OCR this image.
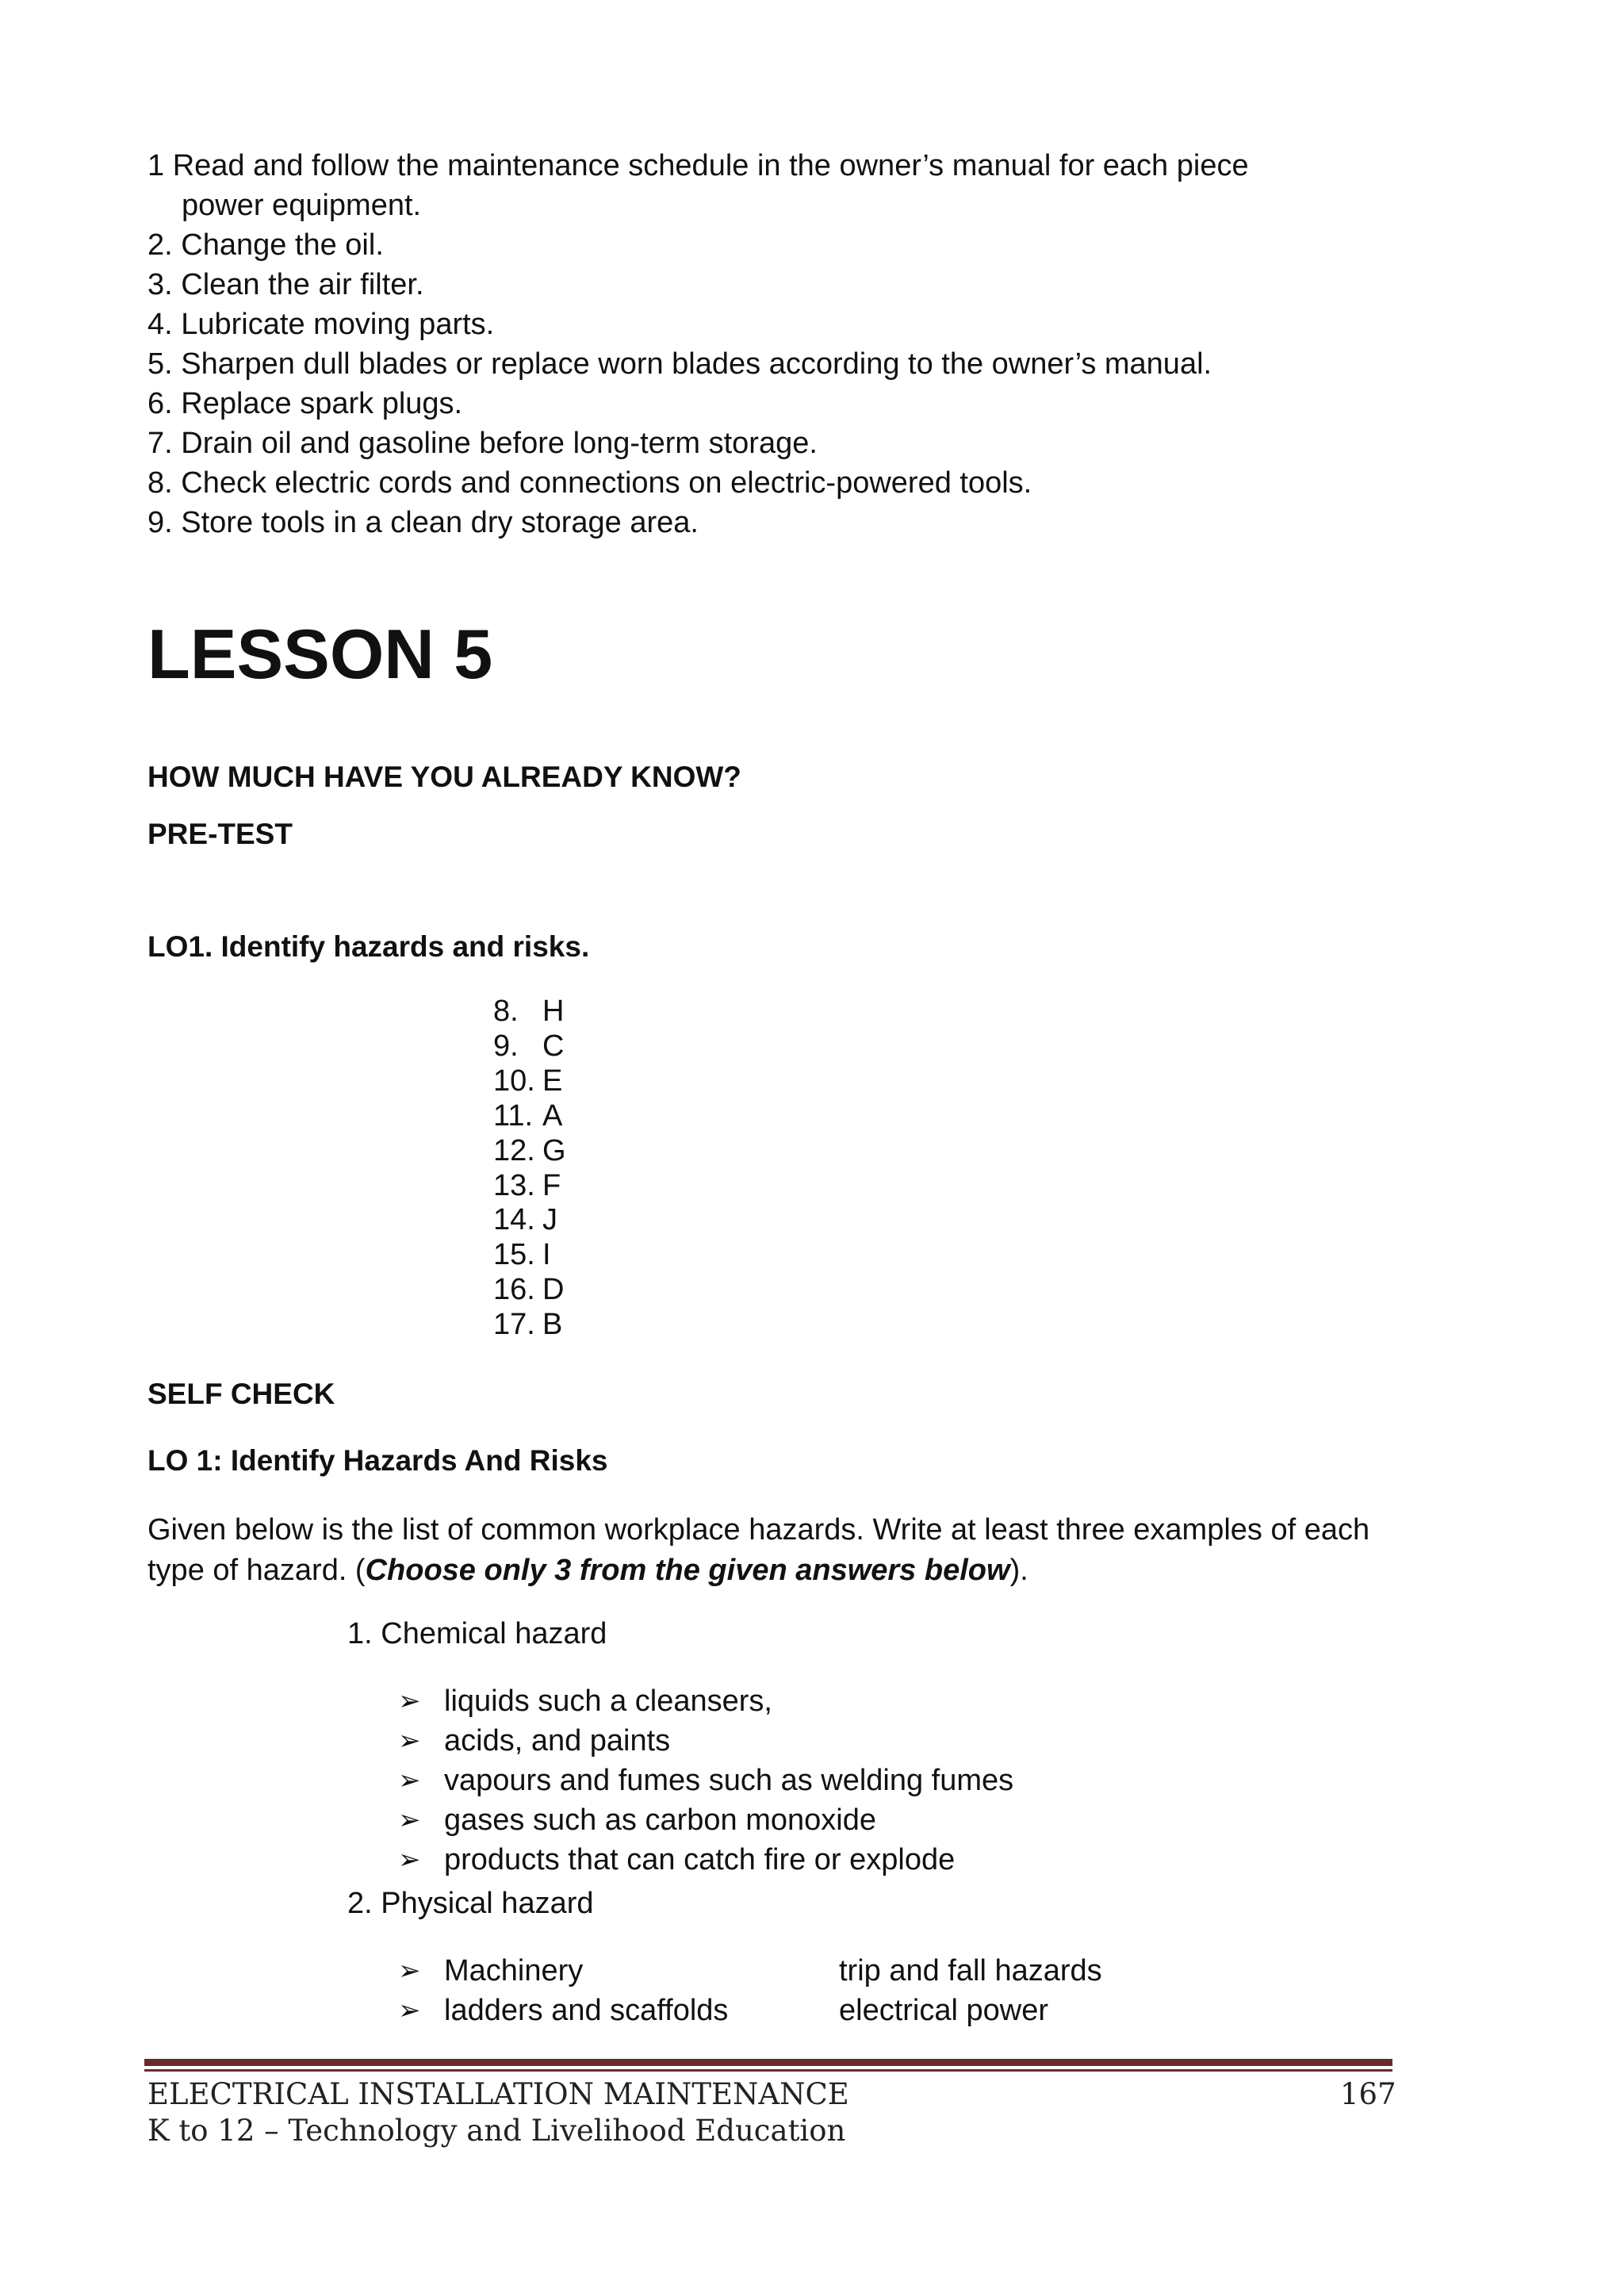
1 Read and follow the maintenance schedule in the owner’s manual for each piece
power equipment.
2. Change the oil.
3. Clean the air filter.
4. Lubricate moving parts.
5. Sharpen dull blades or replace worn blades according to the owner’s manual.
6. Replace spark plugs.
7. Drain oil and gasoline before long-term storage.
8. Check electric cords and connections on electric-powered tools.
9. Store tools in a clean dry storage area.
LESSON 5
HOW MUCH HAVE YOU ALREADY KNOW?
PRE-TEST
LO1. Identify hazards and risks.
8. H
9. C
10. E
11. A
12. G
13. F
14. J
15. I
16. D
17. B
SELF CHECK
LO 1: Identify Hazards And Risks

Given below is the list of common workplace hazards. Write at least three examples of each type of hazard. (Choose only 3 from the given answers below).

1. Chemical hazard
➢ liquids such a cleansers,
➢ acids, and paints
➢ vapours and fumes such as welding fumes
➢ gases such as carbon monoxide
➢ products that can catch fire or explode
2. Physical hazard
➢ Machinery	trip and fall hazards
➢ ladders and scaffolds	electrical power
ELECTRICAL INSTALLATION MAINTENANCE	167
K to 12 – Technology and Livelihood Education
